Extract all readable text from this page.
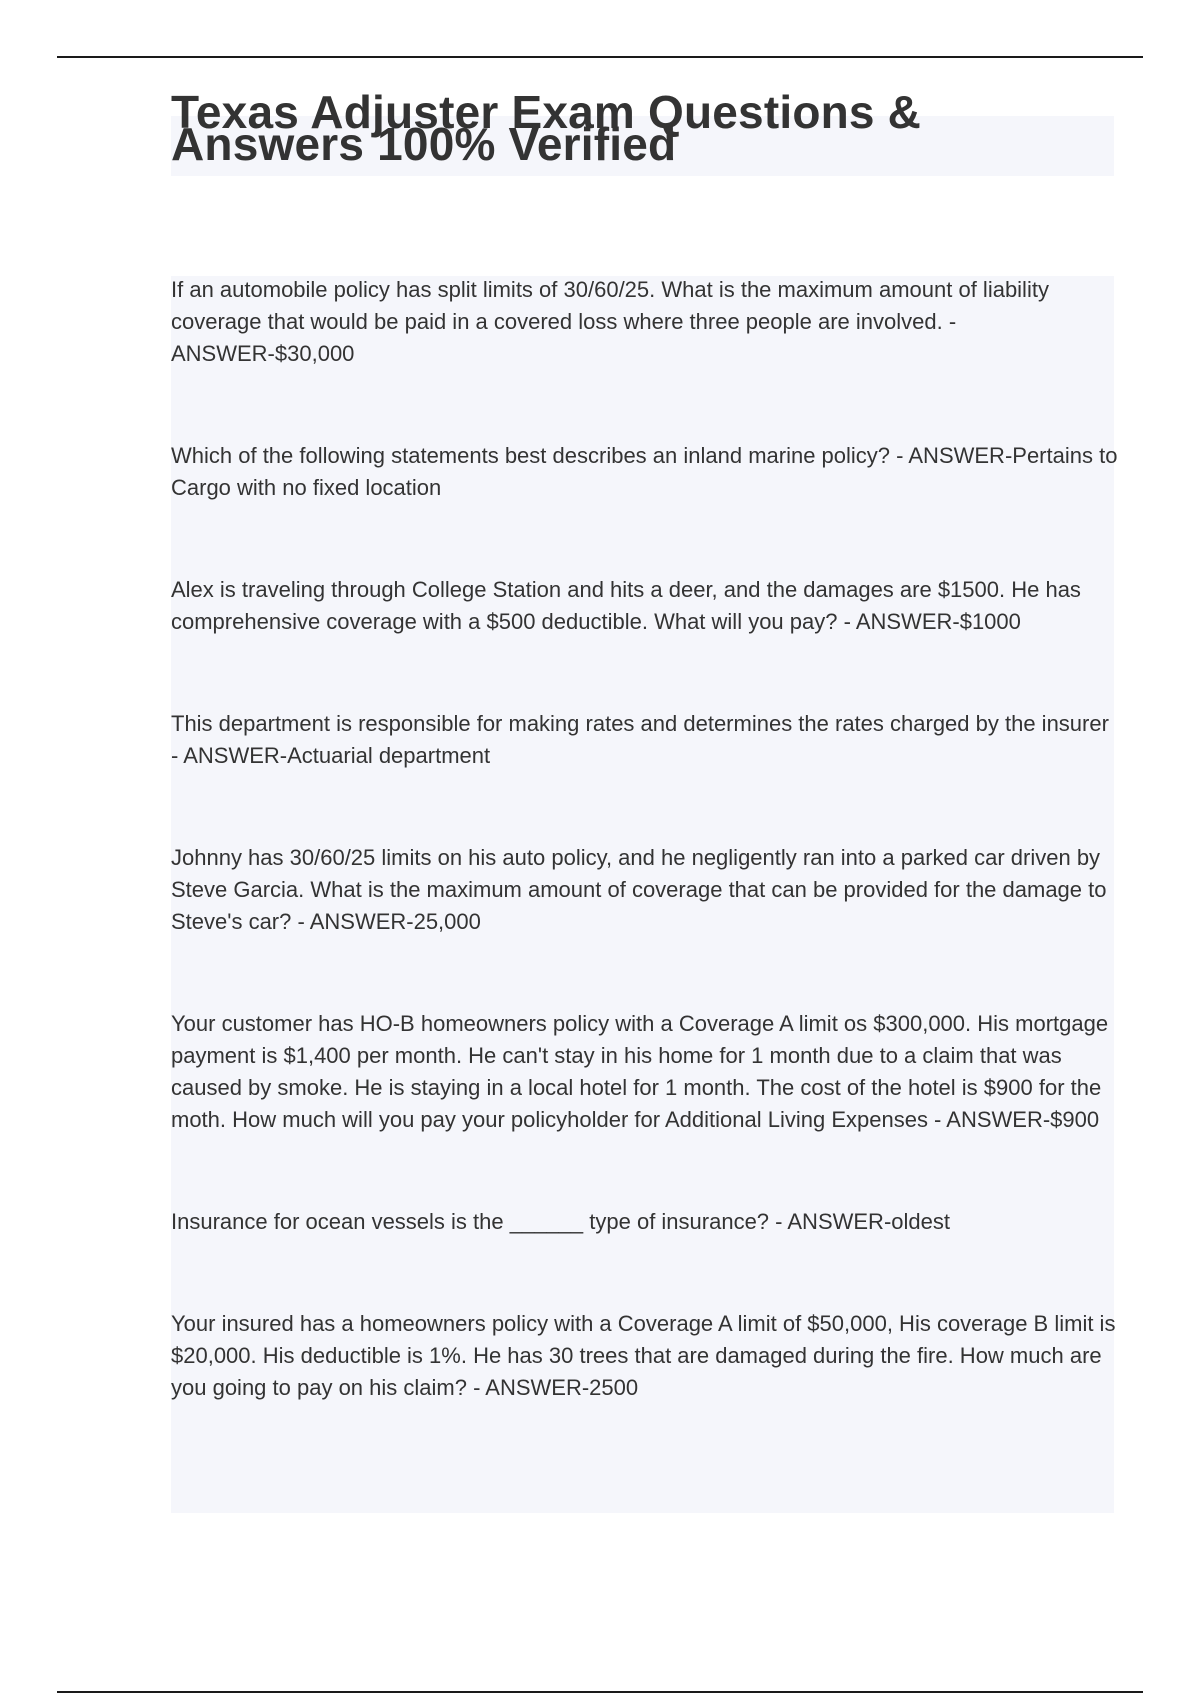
Texas Adjuster Exam Questions & Answers 100% Verified
If an automobile policy has split limits of 30/60/25. What is the maximum amount of liability coverage that would be paid in a covered loss where three people are involved. - ANSWER-$30,000
Which of the following statements best describes an inland marine policy? - ANSWER-Pertains to Cargo with no fixed location
Alex is traveling through College Station and hits a deer, and the damages are $1500. He has comprehensive coverage with a $500 deductible. What will you pay? - ANSWER-$1000
This department is responsible for making rates and determines the rates charged by the insurer - ANSWER-Actuarial department
Johnny has 30/60/25 limits on his auto policy, and he negligently ran into a parked car driven by Steve Garcia. What is the maximum amount of coverage that can be provided for the damage to Steve's car? - ANSWER-25,000
Your customer has HO-B homeowners policy with a Coverage A limit os $300,000. His mortgage payment is $1,400 per month. He can't stay in his home for 1 month due to a claim that was caused by smoke. He is staying in a local hotel for 1 month. The cost of the hotel is $900 for the moth. How much will you pay your policyholder for Additional Living Expenses - ANSWER-$900
Insurance for ocean vessels is the ______ type of insurance? - ANSWER-oldest
Your insured has a homeowners policy with a Coverage A limit of $50,000, His coverage B limit is $20,000. His deductible is 1%. He has 30 trees that are damaged during the fire. How much are you going to pay on his claim? - ANSWER-2500
